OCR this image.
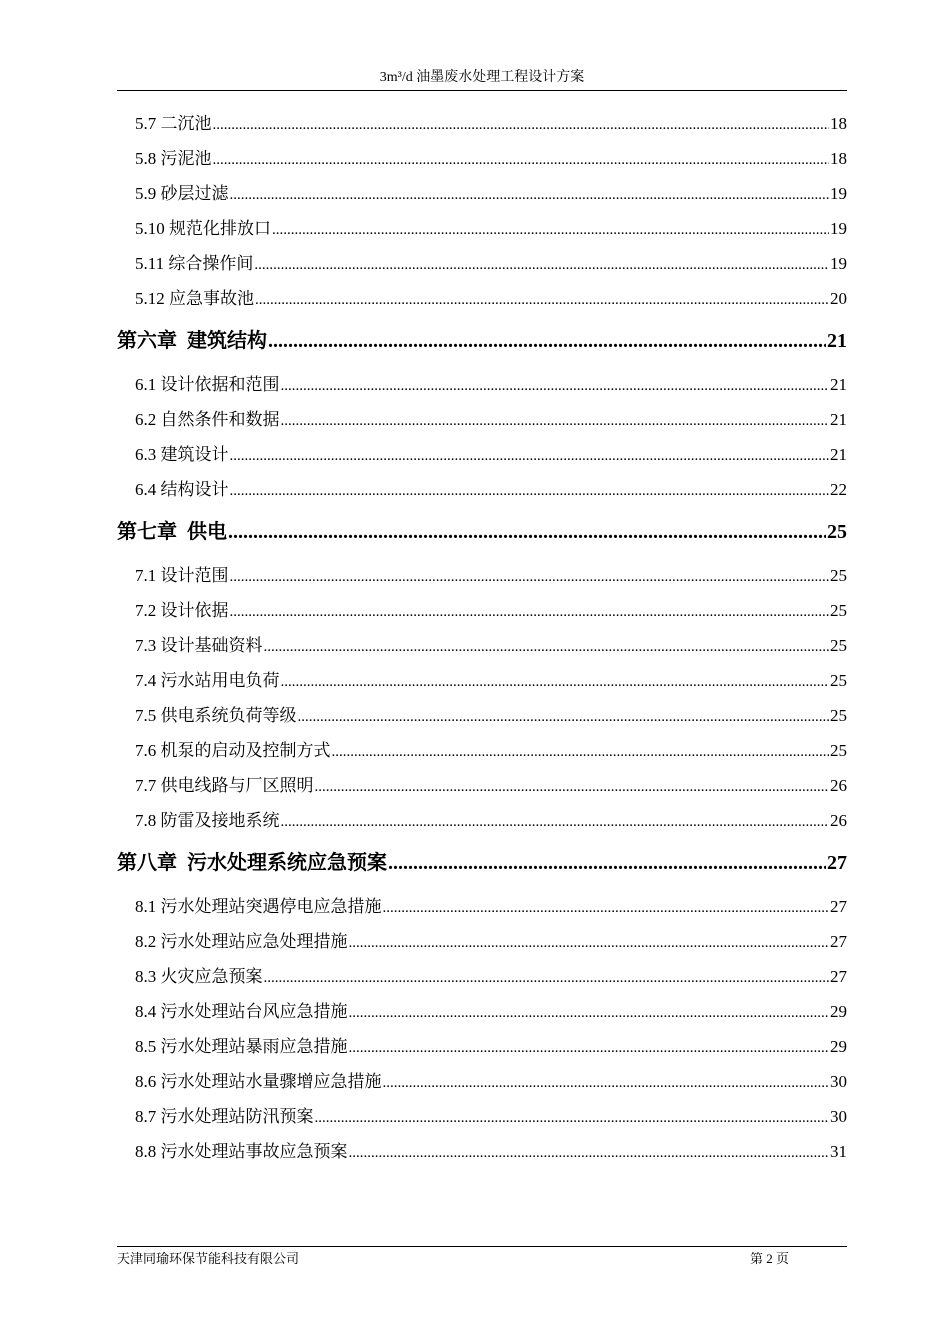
3m³/d 油墨废水处理工程设计方案
5.7 二沉池 .....	18
5.8 污泥池 .....	18
5.9 砂层过滤 .....	19
5.10 规范化排放口 .....	19
5.11 综合操作间 .....	19
5.12 应急事故池 .....	20
第六章  建筑结构 .....	21
6.1 设计依据和范围 .....	21
6.2 自然条件和数据 .....	21
6.3 建筑设计 .....	21
6.4 结构设计 .....	22
第七章  供电 .....	25
7.1 设计范围 .....	25
7.2 设计依据 .....	25
7.3 设计基础资料 .....	25
7.4 污水站用电负荷 .....	25
7.5 供电系统负荷等级 .....	25
7.6 机泵的启动及控制方式 .....	25
7.7 供电线路与厂区照明 .....	26
7.8 防雷及接地系统 .....	26
第八章  污水处理系统应急预案 .....	27
8.1 污水处理站突遇停电应急措施 .....	27
8.2 污水处理站应急处理措施 .....	27
8.3 火灾应急预案 .....	27
8.4 污水处理站台风应急措施 .....	29
8.5 污水处理站暴雨应急措施 .....	29
8.6 污水处理站水量骤增应急措施 .....	30
8.7 污水处理站防汛预案 .....	30
8.8 污水处理站事故应急预案 .....	31
天津同瑜环保节能科技有限公司	第 2 页
